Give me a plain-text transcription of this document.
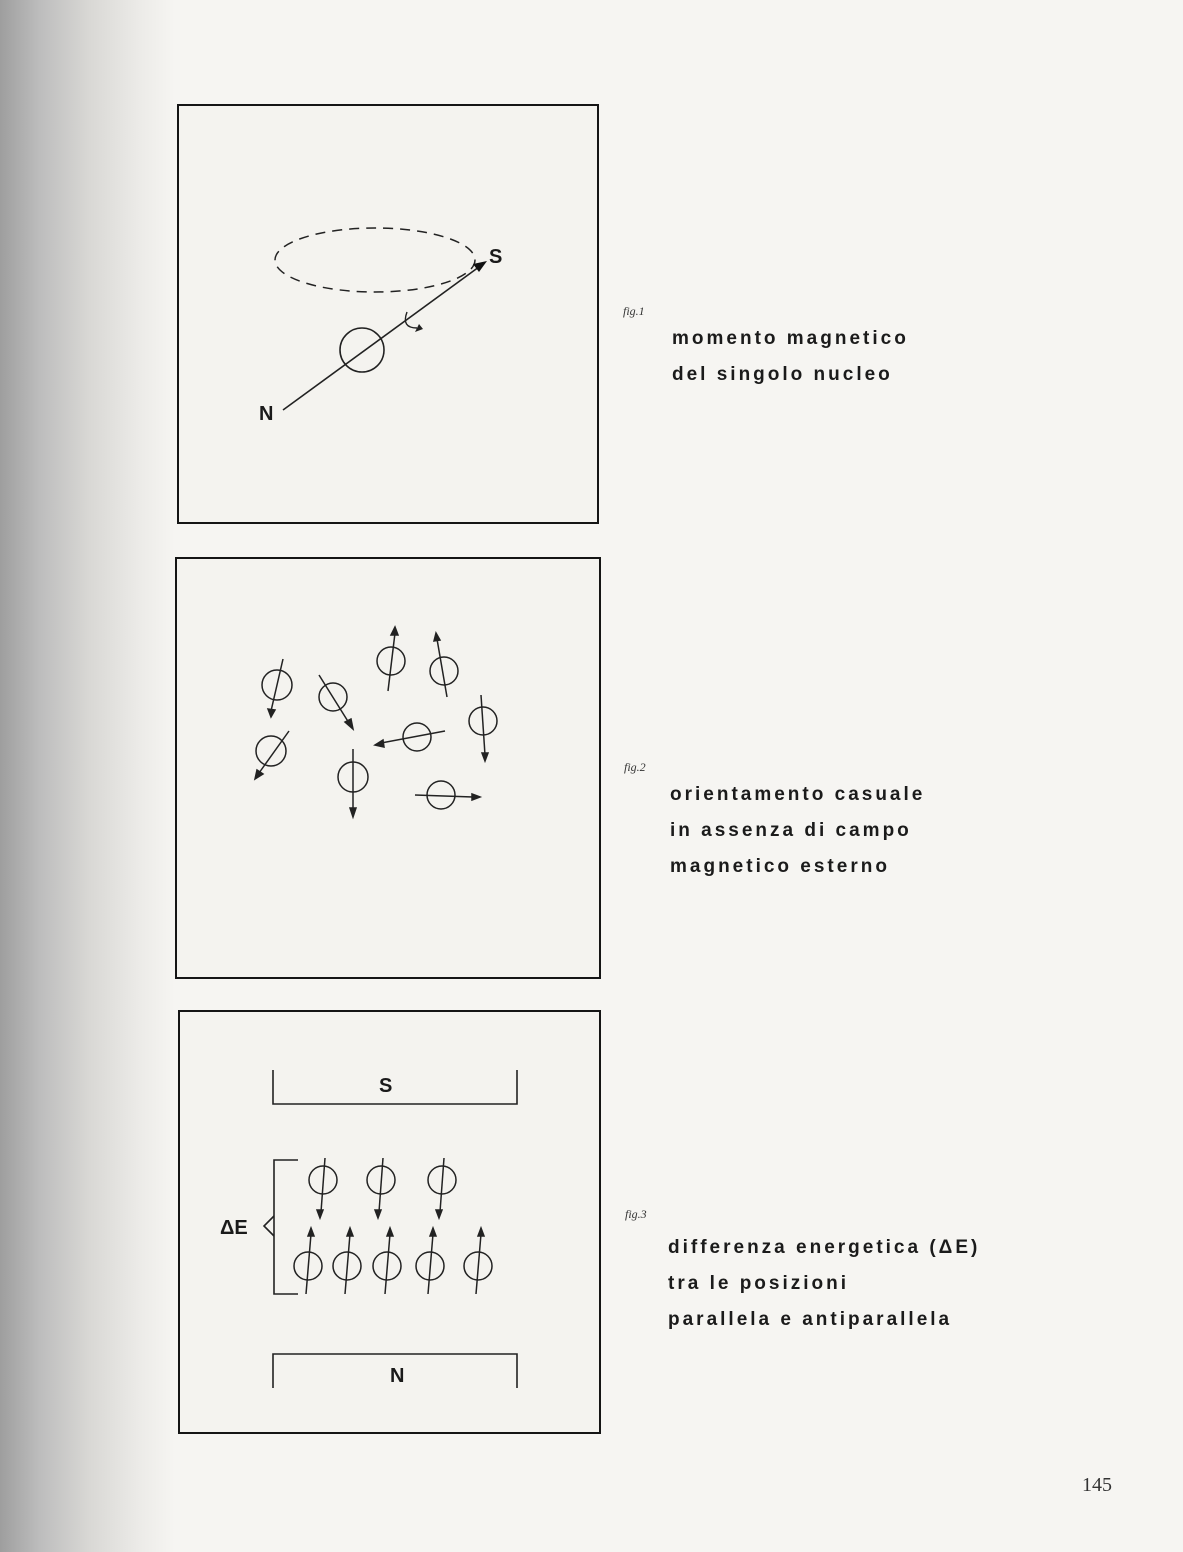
S
N
fig.1
momento magnetico
del singolo nucleo
fig.2
orientamento casuale
in assenza di campo
magnetico esterno
S
N
ΔE
fig.3
differenza energetica (ΔE)
tra le posizioni
parallela e antiparallela
145
